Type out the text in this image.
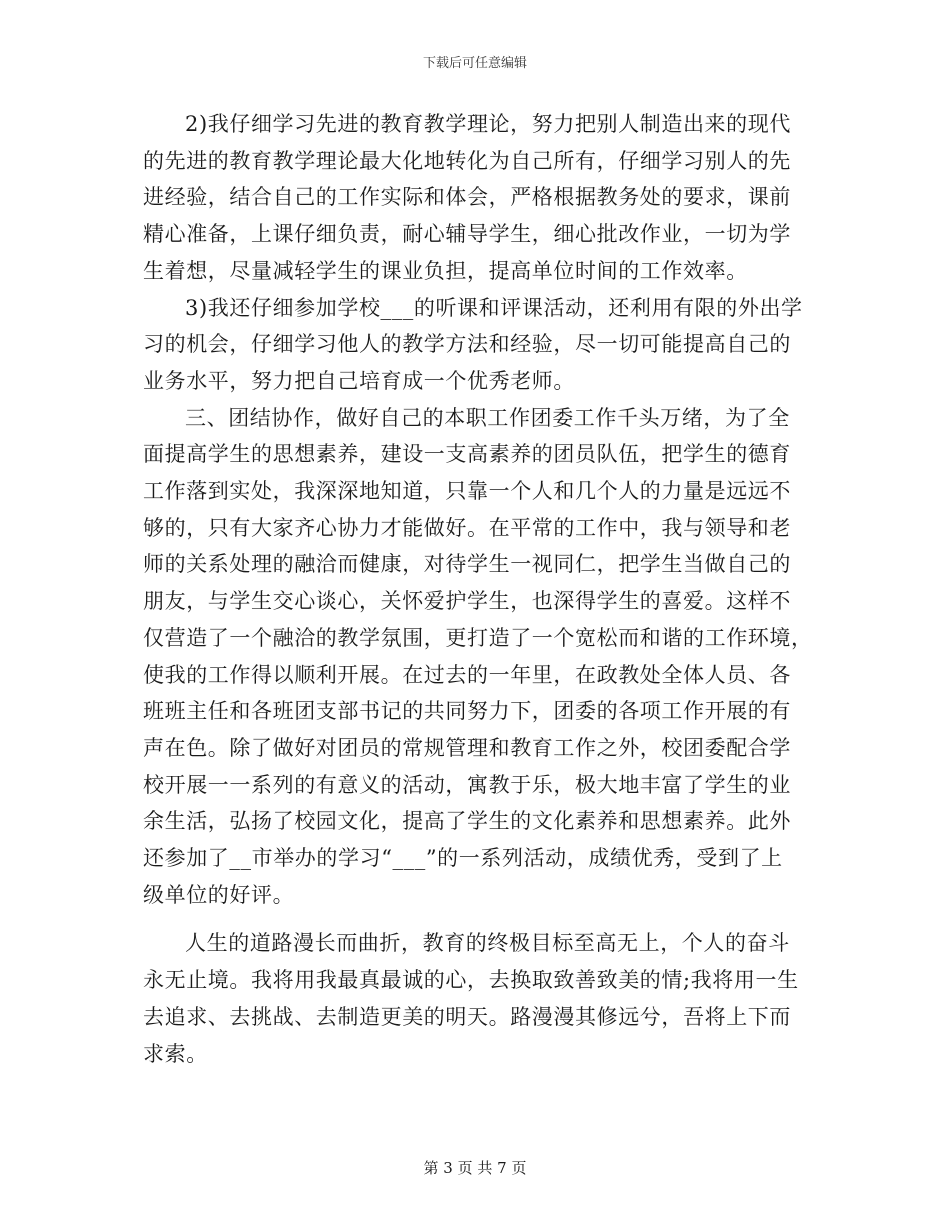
下载后可任意编辑
2)我仔细学习先进的教育教学理论，努力把别人制造出来的现代
的先进的教育教学理论最大化地转化为自己所有，仔细学习别人的先
进经验，结合自己的工作实际和体会，严格根据教务处的要求，课前
精心准备，上课仔细负责，耐心辅导学生，细心批改作业，一切为学
生着想，尽量减轻学生的课业负担，提高单位时间的工作效率。
3)我还仔细参加学校___的听课和评课活动，还利用有限的外出学
习的机会，仔细学习他人的教学方法和经验，尽一切可能提高自己的
业务水平，努力把自己培育成一个优秀老师。
三、团结协作，做好自己的本职工作团委工作千头万绪，为了全
面提高学生的思想素养，建设一支高素养的团员队伍，把学生的德育
工作落到实处，我深深地知道，只靠一个人和几个人的力量是远远不
够的，只有大家齐心协力才能做好。在平常的工作中，我与领导和老
师的关系处理的融洽而健康，对待学生一视同仁，把学生当做自己的
朋友，与学生交心谈心，关怀爱护学生，也深得学生的喜爱。这样不
仅营造了一个融洽的教学氛围，更打造了一个宽松而和谐的工作环境，
使我的工作得以顺利开展。在过去的一年里，在政教处全体人员、各
班班主任和各班团支部书记的共同努力下，团委的各项工作开展的有
声在色。除了做好对团员的常规管理和教育工作之外，校团委配合学
校开展一一系列的有意义的活动，寓教于乐，极大地丰富了学生的业
余生活，弘扬了校园文化，提高了学生的文化素养和思想素养。此外
还参加了__市举办的学习“___”的一系列活动，成绩优秀，受到了上
级单位的好评。
人生的道路漫长而曲折，教育的终极目标至高无上，个人的奋斗
永无止境。我将用我最真最诚的心，去换取致善致美的情;我将用一生
去追求、去挑战、去制造更美的明天。路漫漫其修远兮，吾将上下而
求索。
第 3 页 共 7 页
